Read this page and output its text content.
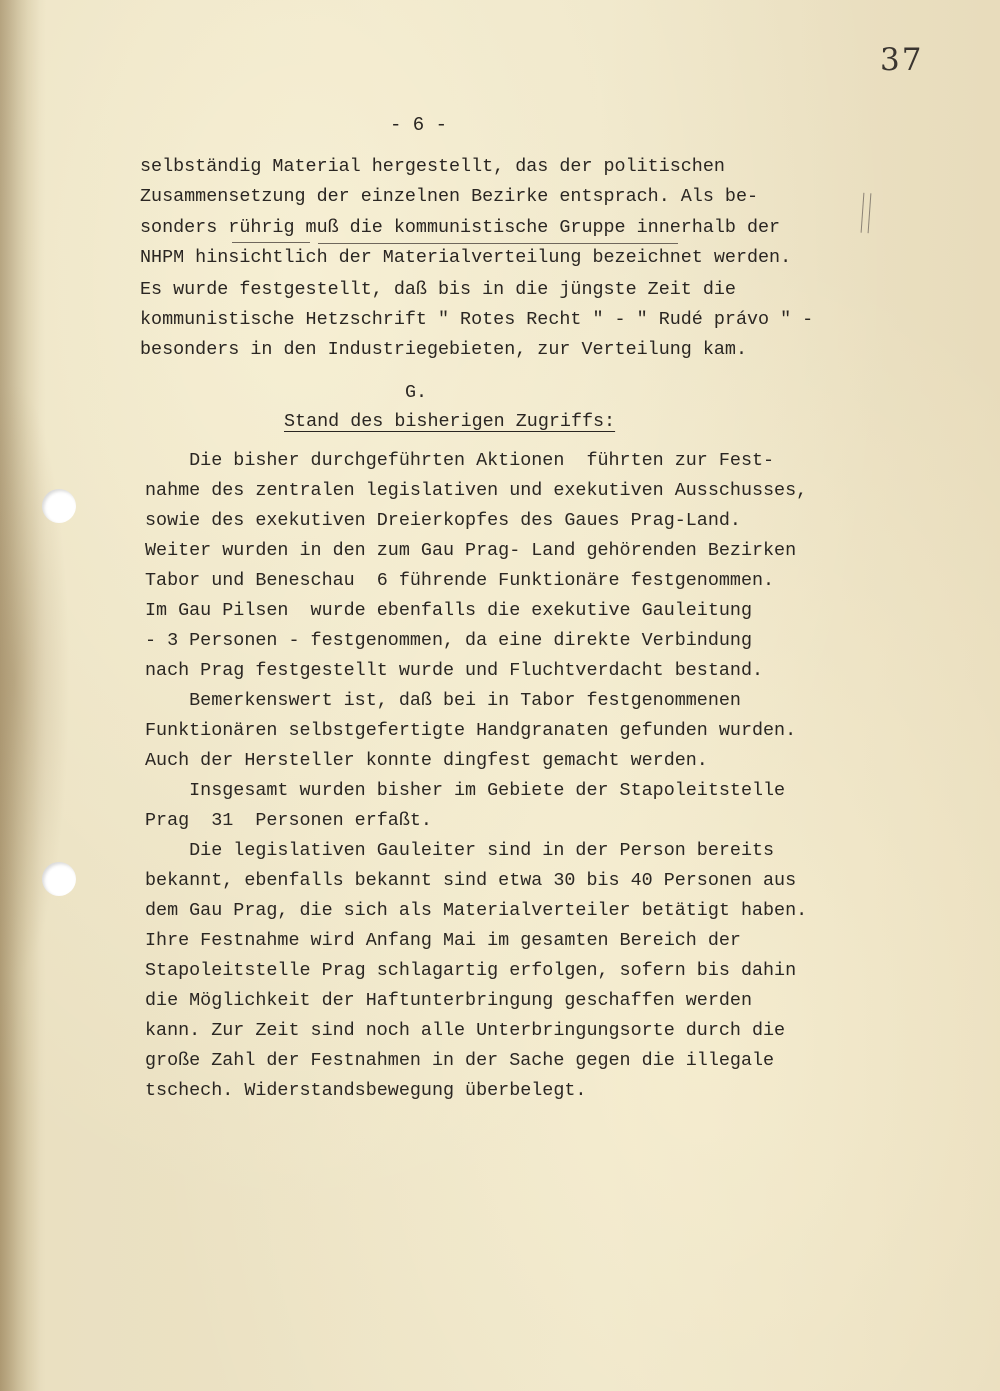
37
- 6 -
selbständig Material hergestellt, das der politischen
Zusammensetzung der einzelnen Bezirke entsprach. Als be-
sonders rührig muß die kommunistische Gruppe innerhalb der
NHPM hinsichtlich der Materialverteilung bezeichnet werden.
Es wurde festgestellt, daß bis in die jüngste Zeit die
kommunistische Hetzschrift " Rotes Recht " - " Rudé právo " -
besonders in den Industriegebieten, zur Verteilung kam.
G.
Stand des bisherigen Zugriffs:
Die bisher durchgeführten Aktionen  führten zur Fest-
nahme des zentralen legislativen und exekutiven Ausschusses,
sowie des exekutiven Dreierkopfes des Gaues Prag-Land.
Weiter wurden in den zum Gau Prag- Land gehörenden Bezirken
Tabor und Beneschau  6 führende Funktionäre festgenommen.
Im Gau Pilsen  wurde ebenfalls die exekutive Gauleitung
- 3 Personen - festgenommen, da eine direkte Verbindung
nach Prag festgestellt wurde und Fluchtverdacht bestand.
Bemerkenswert ist, daß bei in Tabor festgenommenen
Funktionären selbstgefertigte Handgranaten gefunden wurden.
Auch der Hersteller konnte dingfest gemacht werden.
Insgesamt wurden bisher im Gebiete der Stapoleitstelle
Prag  31  Personen erfaßt.
Die legislativen Gauleiter sind in der Person bereits
bekannt, ebenfalls bekannt sind etwa 30 bis 40 Personen aus
dem Gau Prag, die sich als Materialverteiler betätigt haben.
Ihre Festnahme wird Anfang Mai im gesamten Bereich der
Stapoleitstelle Prag schlagartig erfolgen, sofern bis dahin
die Möglichkeit der Haftunterbringung geschaffen werden
kann. Zur Zeit sind noch alle Unterbringungsorte durch die
große Zahl der Festnahmen in der Sache gegen die illegale
tschech. Widerstandsbewegung überbelegt.
